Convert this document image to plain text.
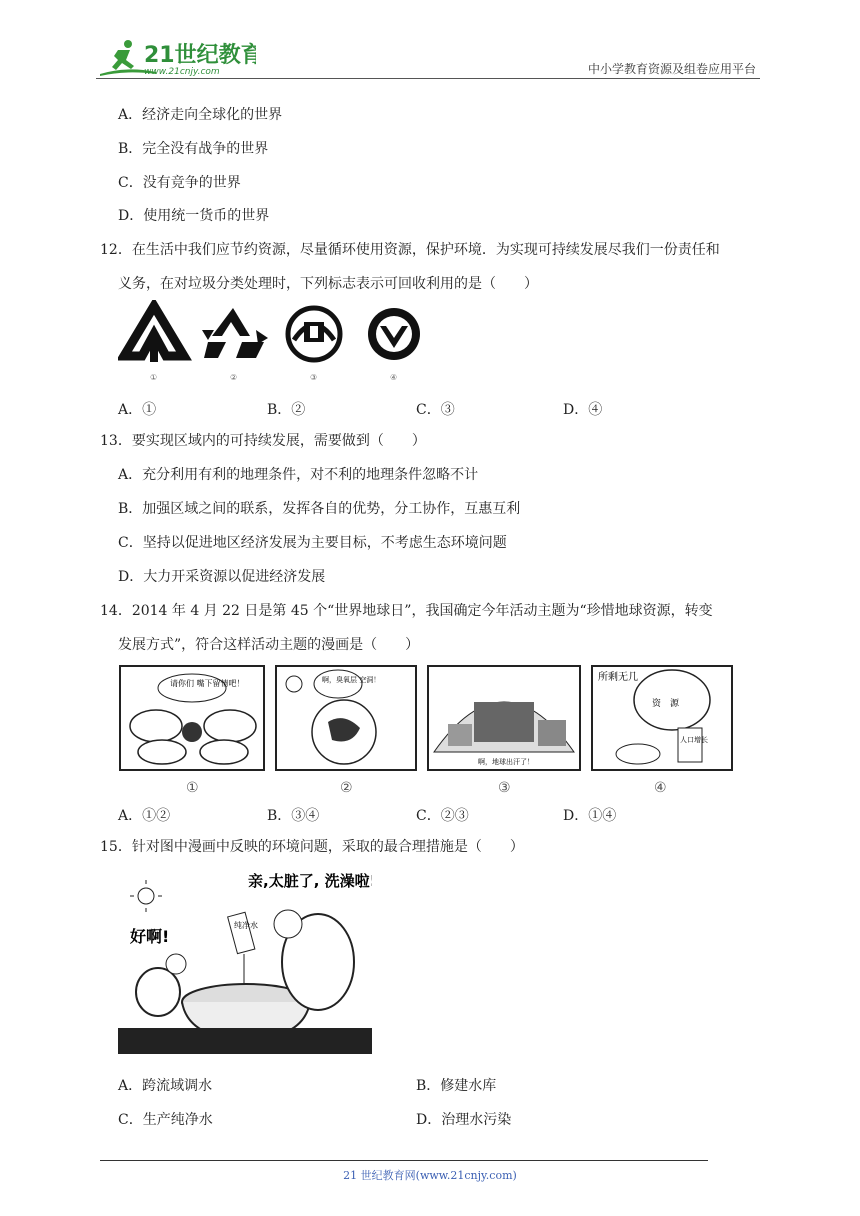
21世纪教育
www.21cnjy.com	中小学教育资源及组卷应用平台
A．经济走向全球化的世界
B．完全没有战争的世界
C．没有竞争的世界
D．使用统一货币的世界
12．在生活中我们应节约资源，尽量循环使用资源，保护环境．为实现可持续发展尽我们一份责任和
义务，在对垃圾分类处理时，下列标志表示可回收利用的是（　　）
①	②	③	④
A．①	B．②	C．③	D．④
13．要实现区域内的可持续发展，需要做到（　　）
A．充分利用有利的地理条件，对不利的地理条件忽略不计
B．加强区域之间的联系，发挥各自的优势，分工协作，互惠互利
C．坚持以促进地区经济发展为主要目标，不考虑生态环境问题
D．大力开采资源以促进经济发展
14．2014 年 4 月 22 日是第 45 个“世界地球日”，我国确定今年活动主题为“珍惜地球资源，转变
发展方式”，符合这样活动主题的漫画是（　　）
请你们 嘴下留情吧！	啊，臭氧层 空洞！
啊，地球出汗了！
所剩无几
资　源
人口增长
①	②	③	④
A．①②	B．③④	C．②③	D．①④
15．针对图中漫画中反映的环境问题，采取的最合理措施是（　　）
好啊!
亲,太脏了, 洗澡啦!
纯净水
A．跨流域调水	B．修建水库
C．生产纯净水	D．治理水污染
21 世纪教育网(www.21cnjy.com)
